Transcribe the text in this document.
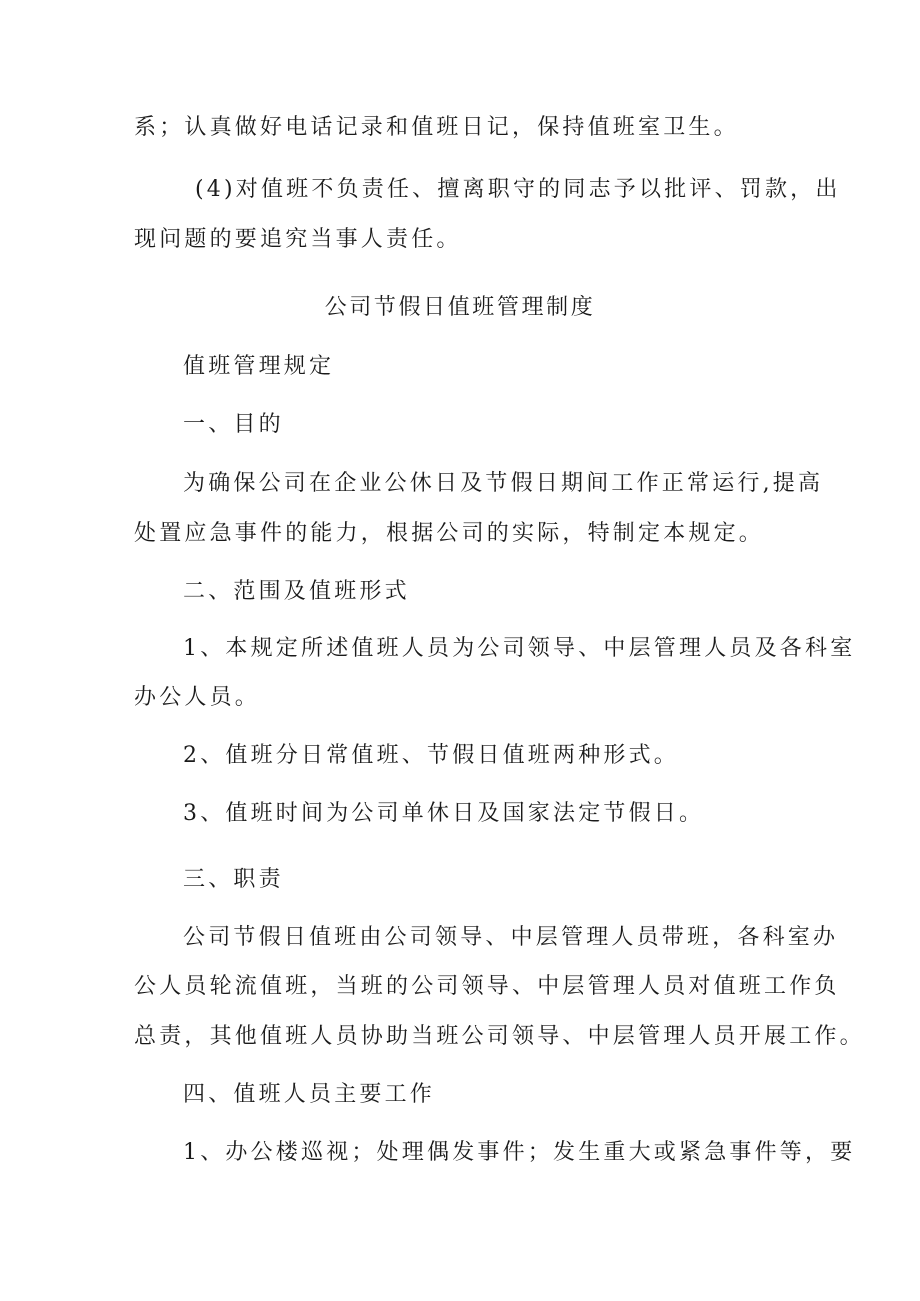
系；认真做好电话记录和值班日记，保持值班室卫生。
(4)对值班不负责任、擅离职守的同志予以批评、罚款，出
现问题的要追究当事人责任。
公司节假日值班管理制度
值班管理规定
一、目的
为确保公司在企业公休日及节假日期间工作正常运行,提高
处置应急事件的能力，根据公司的实际，特制定本规定。
二、范围及值班形式
1、本规定所述值班人员为公司领导、中层管理人员及各科室
办公人员。
2、值班分日常值班、节假日值班两种形式。
3、值班时间为公司单休日及国家法定节假日。
三、职责
公司节假日值班由公司领导、中层管理人员带班，各科室办
公人员轮流值班，当班的公司领导、中层管理人员对值班工作负
总责，其他值班人员协助当班公司领导、中层管理人员开展工作。
四、值班人员主要工作
1、办公楼巡视；处理偶发事件；发生重大或紧急事件等，要
